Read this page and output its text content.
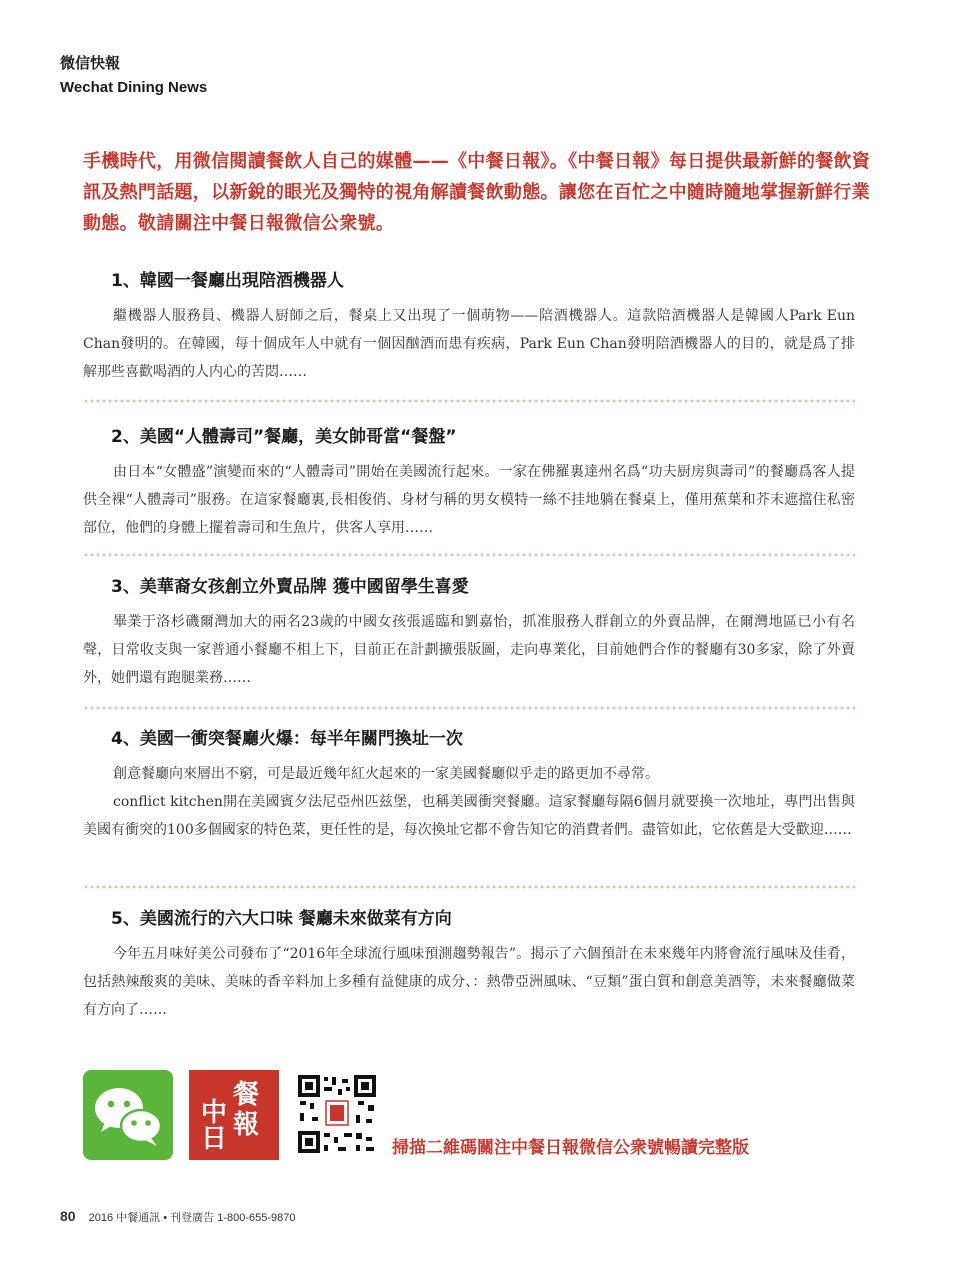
微信快報
Wechat Dining News
手機時代，用微信閱讀餐飲人自己的媒體——《中餐日報》。《中餐日報》每日提供最新鮮的餐飲資訊及熱門話題，以新銳的眼光及獨特的視角解讀餐飲動態。讓您在百忙之中隨時隨地掌握新鮮行業動態。敬請關注中餐日報微信公衆號。
1、韓國一餐廳出現陪酒機器人

繼機器人服務員、機器人厨師之后，餐桌上又出現了一個萌物——陪酒機器人。這款陪酒機器人是韓國人Park Eun Chan發明的。在韓國，每十個成年人中就有一個因酗酒而患有疾病，Park Eun Chan發明陪酒機器人的目的，就是爲了排解那些喜歡喝酒的人内心的苦悶……

2、美國“人體壽司”餐廳，美女帥哥當“餐盤”

由日本“女體盛”演變而來的“人體壽司”開始在美國流行起來。一家在佛羅裏達州名爲“功夫厨房與壽司”的餐廳爲客人提供全裸“人體壽司”服務。在這家餐廳裏,長相俊俏、身材勻稱的男女模特一絲不挂地躺在餐桌上，僅用蕉葉和芥末遮擋住私密部位，他們的身體上擺着壽司和生魚片，供客人享用……

3、美華裔女孩創立外賣品牌 獲中國留學生喜愛

畢業于洛杉磯爾灣加大的兩名23歲的中國女孩張遥臨和劉嘉怡，抓准服務人群創立的外賣品牌，在爾灣地區已小有名聲，日常收支與一家普通小餐廳不相上下，目前正在計劃擴張版圖，走向專業化，目前她們合作的餐廳有30多家，除了外賣外，她們還有跑腿業務……

4、美國一衝突餐廳火爆：每半年關門換址一次

創意餐廳向來層出不窮，可是最近幾年紅火起來的一家美國餐廳似乎走的路更加不尋常。

conflict kitchen開在美國賓夕法尼亞州匹兹堡，也稱美國衝突餐廳。這家餐廳每隔6個月就要換一次地址，專門出售與美國有衝突的100多個國家的特色菜，更任性的是，每次換址它都不會告知它的消費者們。盡管如此，它依舊是大受歡迎……

5、美國流行的六大口味 餐廳未來做菜有方向

今年五月味好美公司發布了“2016年全球流行風味預測趨勢報告”。揭示了六個預計在未來幾年内將會流行風味及佳肴，包括熱辣酸爽的美味、美味的香辛料加上多種有益健康的成分、：熱帶亞洲風味、“豆類”蛋白質和創意美酒等，未來餐廳做菜有方向了……

中
餐
日 報
掃描二維碼關注中餐日報微信公衆號暢讀完整版
80 2016 中餐通訊 • 刊登廣告 1-800-655-9870
